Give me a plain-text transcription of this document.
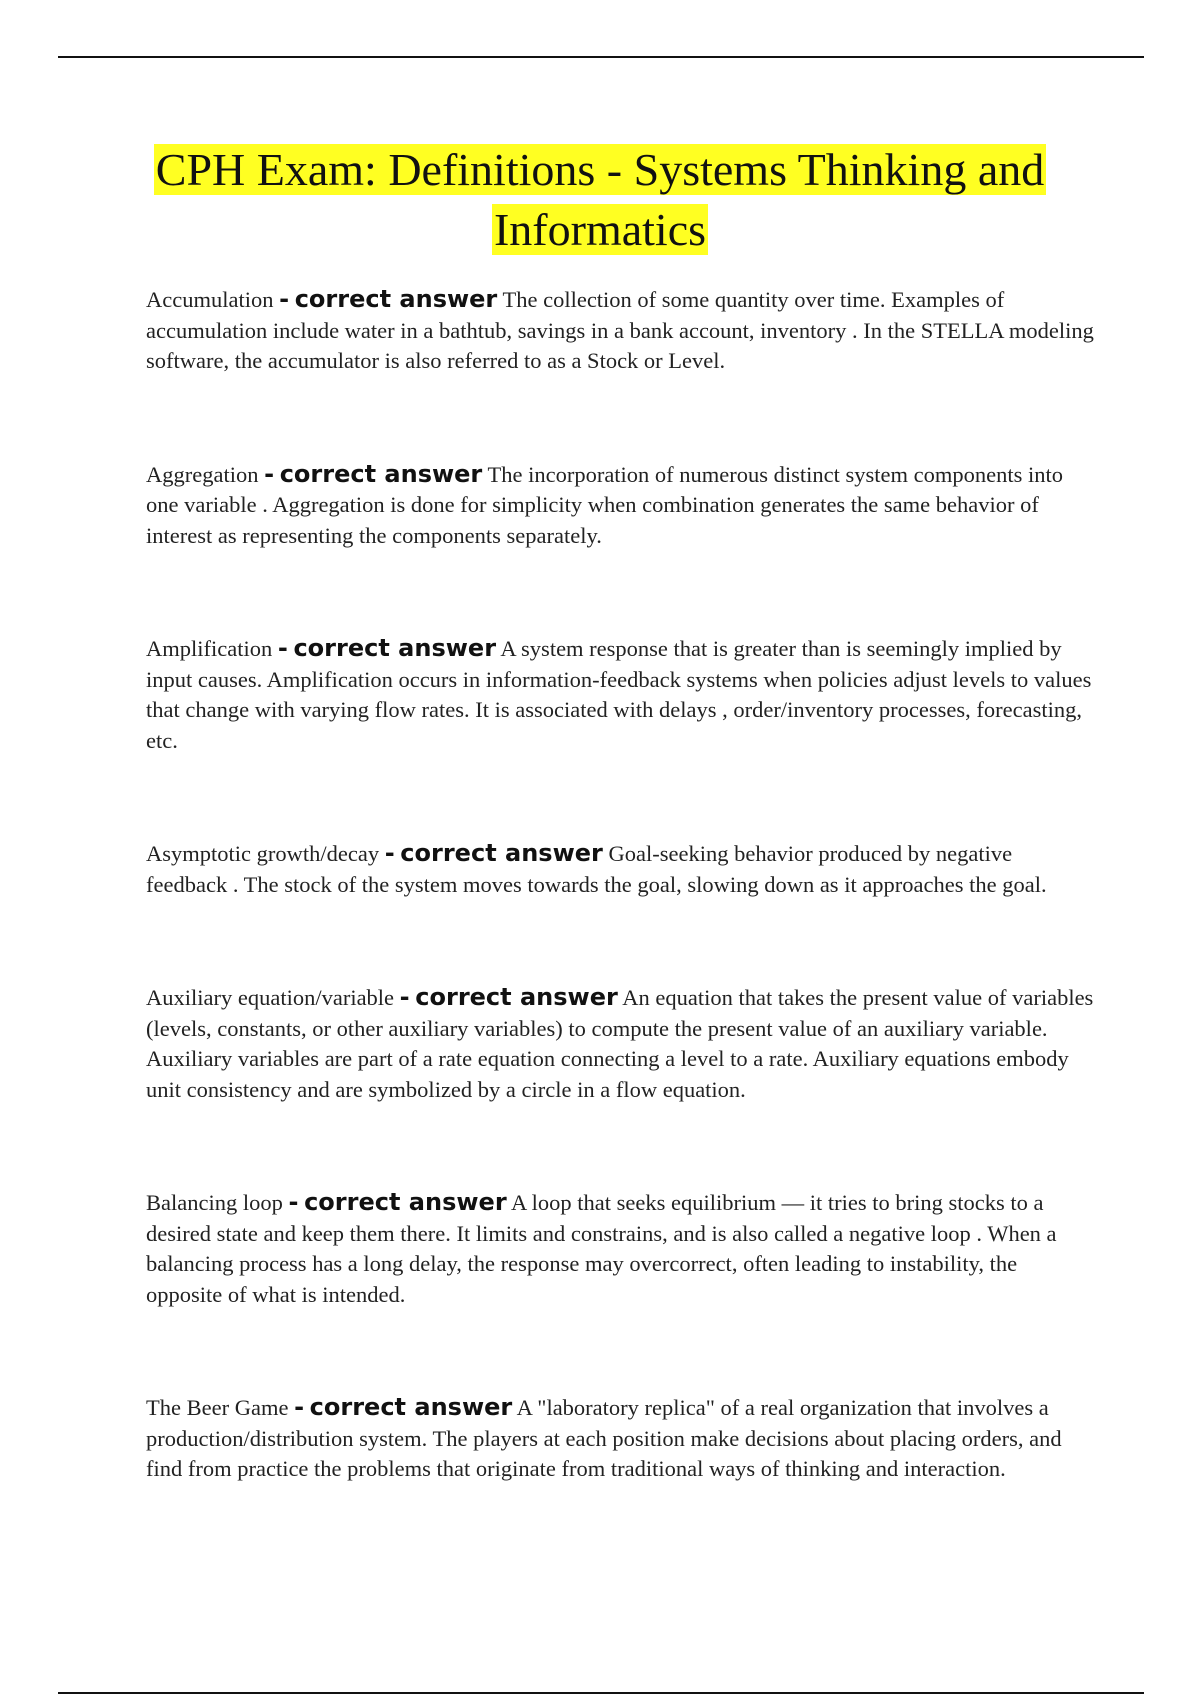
CPH Exam: Definitions - Systems Thinking and Informatics

Accumulation - correct answer The collection of some quantity over time. Examples of accumulation include water in a bathtub, savings in a bank account, inventory . In the STELLA modeling software, the accumulator is also referred to as a Stock or Level.

Aggregation - correct answer The incorporation of numerous distinct system components into one variable . Aggregation is done for simplicity when combination generates the same behavior of interest as representing the components separately.

Amplification - correct answer A system response that is greater than is seemingly implied by input causes. Amplification occurs in information-feedback systems when policies adjust levels to values that change with varying flow rates. It is associated with delays , order/inventory processes, forecasting, etc.

Asymptotic growth/decay - correct answer Goal-seeking behavior produced by negative feedback . The stock of the system moves towards the goal, slowing down as it approaches the goal.

Auxiliary equation/variable - correct answer An equation that takes the present value of variables (levels, constants, or other auxiliary variables) to compute the present value of an auxiliary variable. Auxiliary variables are part of a rate equation connecting a level to a rate. Auxiliary equations embody unit consistency and are symbolized by a circle in a flow equation.

Balancing loop - correct answer A loop that seeks equilibrium — it tries to bring stocks to a desired state and keep them there. It limits and constrains, and is also called a negative loop . When a balancing process has a long delay, the response may overcorrect, often leading to instability, the opposite of what is intended.

The Beer Game - correct answer A "laboratory replica" of a real organization that involves a production/distribution system. The players at each position make decisions about placing orders, and find from practice the problems that originate from traditional ways of thinking and interaction.
